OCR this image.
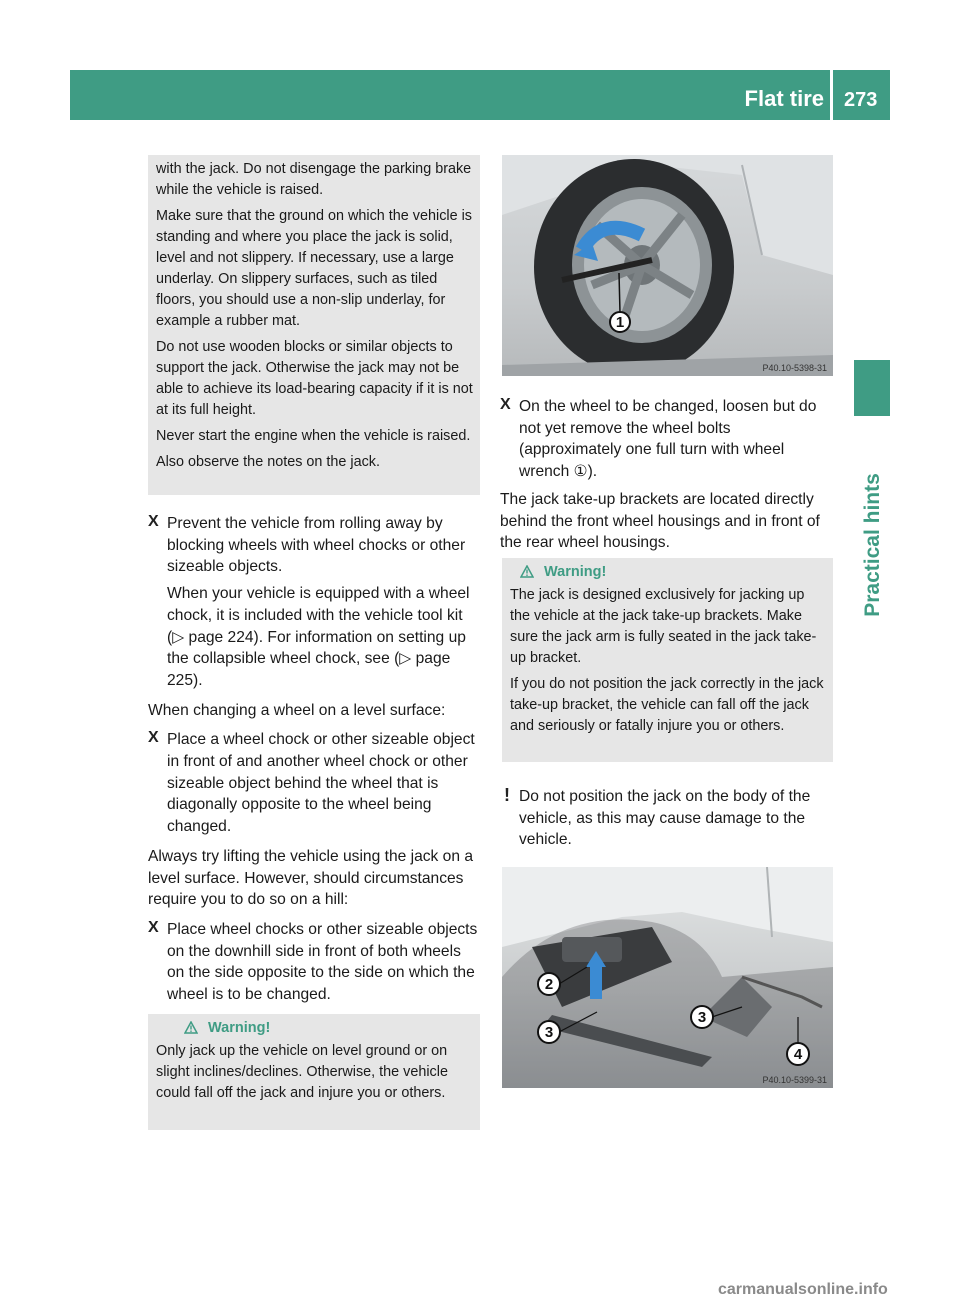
Flat tire 273
Practical hints

with the jack. Do not disengage the parking brake while the vehicle is raised.

Make sure that the ground on which the vehicle is standing and where you place the jack is solid, level and not slippery. If necessary, use a large underlay. On slippery surfaces, such as tiled floors, you should use a non-slip underlay, for example a rubber mat.

Do not use wooden blocks or similar objects to support the jack. Otherwise the jack may not be able to achieve its load-bearing capacity if it is not at its full height.

Never start the engine when the vehicle is raised.

Also observe the notes on the jack.

X Prevent the vehicle from rolling away by blocking wheels with wheel chocks or other sizeable objects.

When your vehicle is equipped with a wheel chock, it is included with the vehicle tool kit (▷ page 224). For information on setting up the collapsible wheel chock, see (▷ page 225).

When changing a wheel on a level surface:

X Place a wheel chock or other sizeable object in front of and another wheel chock or other sizeable object behind the wheel that is diagonally opposite to the wheel being changed.

Always try lifting the vehicle using the jack on a level surface. However, should circumstances require you to do so on a hill:

X Place wheel chocks or other sizeable objects on the downhill side in front of both wheels on the side opposite to the side on which the wheel is to be changed.

Warning!

Only jack up the vehicle on level ground or on slight inclines/declines. Otherwise, the vehicle could fall off the jack and injure you or others.

1
P40.10-5398-31
X On the wheel to be changed, loosen but do not yet remove the wheel bolts (approximately one full turn with wheel wrench ①).

The jack take-up brackets are located directly behind the front wheel housings and in front of the rear wheel housings.

Warning!

The jack is designed exclusively for jacking up the vehicle at the jack take-up brackets. Make sure the jack arm is fully seated in the jack take-up bracket.

If you do not position the jack correctly in the jack take-up bracket, the vehicle can fall off the jack and seriously or fatally injure you or others.

! Do not position the jack on the body of the vehicle, as this may cause damage to the vehicle.

2
3
3
4
P40.10-5399-31
carmanualsonline.info
